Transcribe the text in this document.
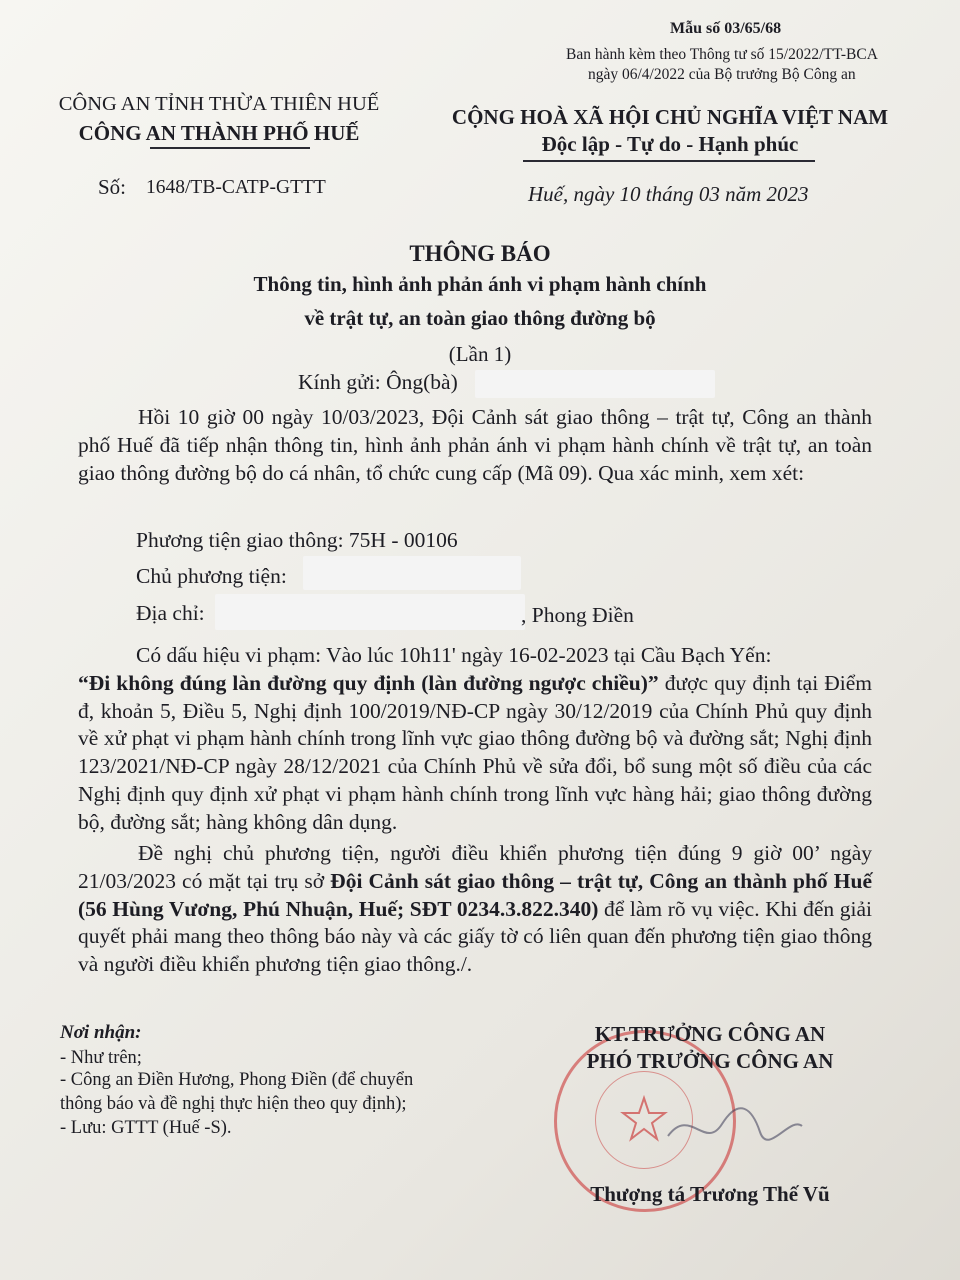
Mẫu số 03/65/68
Ban hành kèm theo Thông tư số 15/2022/TT-BCA
ngày 06/4/2022 của Bộ trưởng Bộ Công an
CÔNG AN TỈNH THỪA THIÊN HUẾ
CÔNG AN THÀNH PHỐ HUẾ
Số: 1648/TB-CATP-GTTT
CỘNG HOÀ XÃ HỘI CHỦ NGHĨA VIỆT NAM
Độc lập - Tự do - Hạnh phúc
Huế, ngày 10 tháng 03 năm 2023
THÔNG BÁO
Thông tin, hình ảnh phản ánh vi phạm hành chính
về trật tự, an toàn giao thông đường bộ
(Lần 1)
Kính gửi: Ông(bà)
Hồi 10 giờ 00 ngày 10/03/2023, Đội Cảnh sát giao thông – trật tự, Công an thành phố Huế đã tiếp nhận thông tin, hình ảnh phản ánh vi phạm hành chính về trật tự, an toàn giao thông đường bộ do cá nhân, tổ chức cung cấp (Mã 09). Qua xác minh, xem xét:
Phương tiện giao thông: 75H - 00106
Chủ phương tiện:
Địa chỉ:	, Phong Điền
Có dấu hiệu vi phạm: Vào lúc 10h11' ngày 16-02-2023 tại Cầu Bạch Yến:
“Đi không đúng làn đường quy định (làn đường ngược chiều)” được quy định tại Điểm đ, khoản 5, Điều 5, Nghị định 100/2019/NĐ-CP ngày 30/12/2019 của Chính Phủ quy định về xử phạt vi phạm hành chính trong lĩnh vực giao thông đường bộ và đường sắt; Nghị định 123/2021/NĐ-CP ngày 28/12/2021 của Chính Phủ về sửa đổi, bổ sung một số điều của các Nghị định quy định xử phạt vi phạm hành chính trong lĩnh vực hàng hải; giao thông đường bộ, đường sắt; hàng không dân dụng.
Đề nghị chủ phương tiện, người điều khiển phương tiện đúng 9 giờ 00’ ngày 21/03/2023 có mặt tại trụ sở Đội Cảnh sát giao thông – trật tự, Công an thành phố Huế (56 Hùng Vương, Phú Nhuận, Huế; SĐT 0234.3.822.340) để làm rõ vụ việc. Khi đến giải quyết phải mang theo thông báo này và các giấy tờ có liên quan đến phương tiện giao thông và người điều khiển phương tiện giao thông./.
Nơi nhận:
- Như trên;
- Công an Điền Hương, Phong Điền (để chuyển
thông báo và đề nghị thực hiện theo quy định);
- Lưu: GTTT (Huế -S).
KT.TRƯỞNG CÔNG AN
PHÓ TRƯỞNG CÔNG AN
Thượng tá Trương Thế Vũ
